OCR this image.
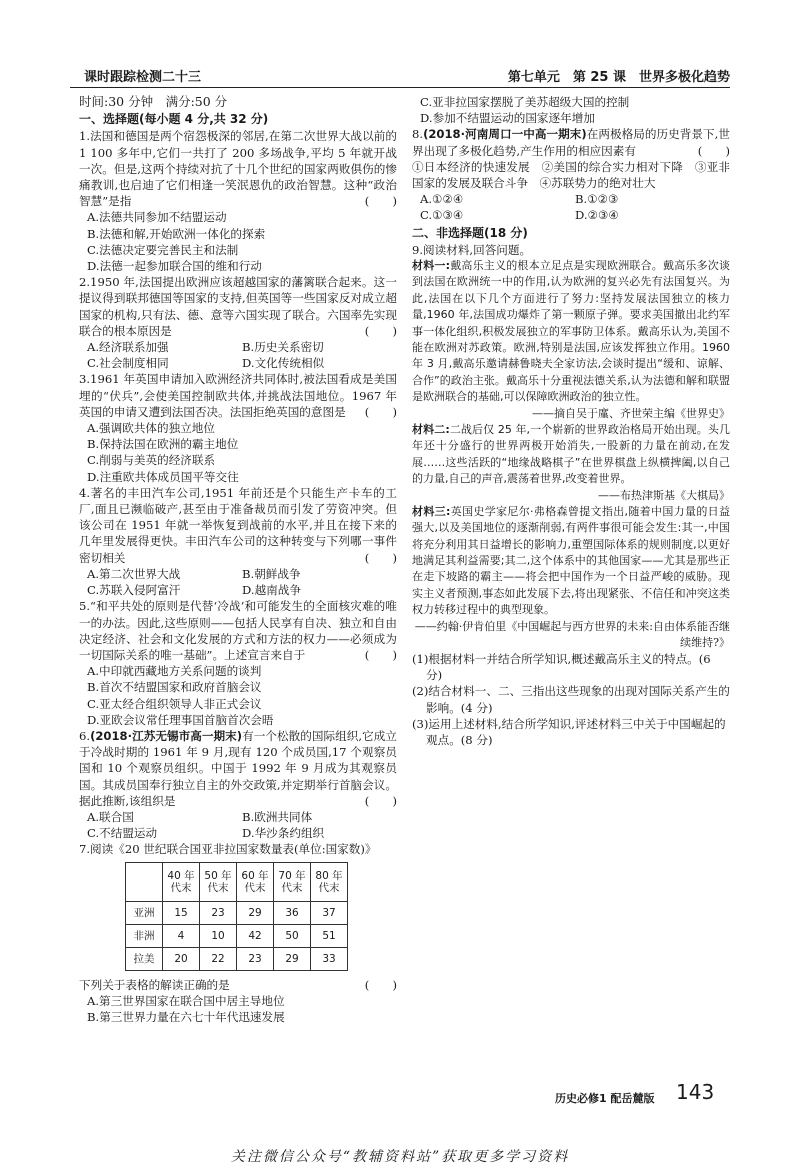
课时跟踪检测二十三	第七单元　第 25 课　世界多极化趋势

时间:30 分钟　满分:50 分

一、选择题(每小题 4 分,共 32 分)

1.法国和德国是两个宿怨极深的邻居,在第二次世界大战以前的 1 100 多年中,它们一共打了 200 多场战争,平均 5 年就开战一次。但是,这两个持续对抗了十几个世纪的国家两败俱伤的惨痛教训,也启迪了它们相逢一笑泯恩仇的政治智慧。这种“政治智慧”是指	(　　)

A.法德共同参加不结盟运动

B.法德和解,开始欧洲一体化的探索

C.法德决定要完善民主和法制

D.法德一起参加联合国的维和行动

2.1950 年,法国提出欧洲应该超越国家的藩篱联合起来。这一提议得到联邦德国等国家的支持,但英国等一些国家反对成立超国家的机构,只有法、德、意等六国实现了联合。六国率先实现联合的根本原因是	(　　)

A.经济联系加强	B.历史关系密切
C.社会制度相同	D.文化传统相似

3.1961 年英国申请加入欧洲经济共同体时,被法国看成是美国埋的“伏兵”,会使美国控制欧共体,并挑战法国地位。1967 年英国的申请又遭到法国否决。法国拒绝英国的意图是 (　　)

A.强调欧共体的独立地位

B.保持法国在欧洲的霸主地位

C.削弱与美英的经济联系

D.注重欧共体成员国平等交往

4.著名的丰田汽车公司,1951 年前还是个只能生产卡车的工厂,面且已濒临破产,甚至由于准备裁员而引发了劳资冲突。但该公司在 1951 年就一举恢复到战前的水平,并且在接下来的几年里发展得更快。丰田汽车公司的这种转变与下列哪一事件密切相关	(　　)

A.第二次世界大战	B.朝鲜战争
C.苏联入侵阿富汗	D.越南战争

5.“和平共处的原则是代替‘冷战’和可能发生的全面核灾难的唯一的办法。因此,这些原则——包括人民享有自决、独立和自由决定经济、社会和文化发展的方式和方法的权力——必须成为一切国际关系的唯一基础”。上述宣言来自于	(　　)

A.中印就西藏地方关系问题的谈判

B.首次不结盟国家和政府首脑会议

C.亚太经合组织领导人非正式会议

D.亚欧会议常任理事国首脑首次会晤

6.(2018·江苏无锡市高一期末)有一个松散的国际组织,它成立于冷战时期的 1961 年 9 月,现有 120 个成员国,17 个观察员国和 10 个观察员组织。中国于 1992 年 9 月成为其观察员国。其成员国奉行独立自主的外交政策,并定期举行首脑会议。据此推断,该组织是	(　　)

A.联合国	B.欧洲共同体
C.不结盟运动	D.华沙条约组织

7.阅读《20 世纪联合国亚非拉国家数量表(单位:国家数)》

	40 年代末	50 年代末	60 年代末	70 年代末	80 年代末
亚洲	15	23	29	36	37
非洲	4	10	42	50	51
拉美	20	22	23	29	33

下列关于表格的解读正确的是	(　　)

A.第三世界国家在联合国中居主导地位

B.第三世界力量在六七十年代迅速发展

C.亚非拉国家摆脱了美苏超级大国的控制

D.参加不结盟运动的国家逐年增加

8.(2018·河南周口一中高一期末)在两极格局的历史背景下,世界出现了多极化趋势,产生作用的相应因素有	(　　)

①日本经济的快速发展　②美国的综合实力相对下降　③亚非国家的发展及联合斗争　④苏联势力的绝对壮大

A.①②④	B.①②③
C.①③④	D.②③④

二、非选择题(18 分)

9.阅读材料,回答问题。

材料一:戴高乐主义的根本立足点是实现欧洲联合。戴高乐多次谈到法国在欧洲统一中的作用,认为欧洲的复兴必先有法国复兴。为此,法国在以下几个方面进行了努力:坚持发展法国独立的核力量,1960 年,法国成功爆炸了第一颗原子弹。要求美国撤出北约军事一体化组织,积极发展独立的军事防卫体系。戴高乐认为,美国不能在欧洲对苏政策。欧洲,特别是法国,应该发挥独立作用。1960 年 3 月,戴高乐邀请赫鲁晓夫全家访法,会谈时提出“缓和、谅解、合作”的政治主张。戴高乐十分重视法德关系,认为法德和解和联盟是欧洲联合的基础,可以保障欧洲政治的独立性。

——摘自吴于廑、齐世荣主编《世界史》

材料二:二战后仅 25 年,一个崭新的世界政治格局开始出现。头几年还十分盛行的世界两极开始消失,一股新的力量在前动,在发展……这些活跃的“地缘战略棋子”在世界棋盘上纵横捭阖,以自己的力量,自己的声音,震荡着世界,改变着世界。

——布热津斯基《大棋局》

材料三:英国史学家尼尔·弗格森曾提文指出,随着中国力量的日益强大,以及美国地位的逐渐削弱,有两件事很可能会发生:其一,中国将充分利用其日益增长的影响力,重塑国际体系的规则制度,以更好地满足其利益需要;其二,这个体系中的其他国家——尤其是那些正在走下坡路的霸主——将会把中国作为一个日益严峻的威胁。现实主义者预测,事态如此发展下去,将出现紧张、不信任和冲突这类权力转移过程中的典型现象。

——约翰·伊肯伯里《中国崛起与西方世界的未来:自由体系能否继续维持?》

(1)根据材料一并结合所学知识,概述戴高乐主义的特点。(6 分)

(2)结合材料一、二、三指出这些现象的出现对国际关系产生的影响。(4 分)

(3)运用上述材料,结合所学知识,评述材料三中关于中国崛起的观点。(8 分)

历史必修1 配岳麓版 143
关注微信公众号“教辅资料站”获取更多学习资料
